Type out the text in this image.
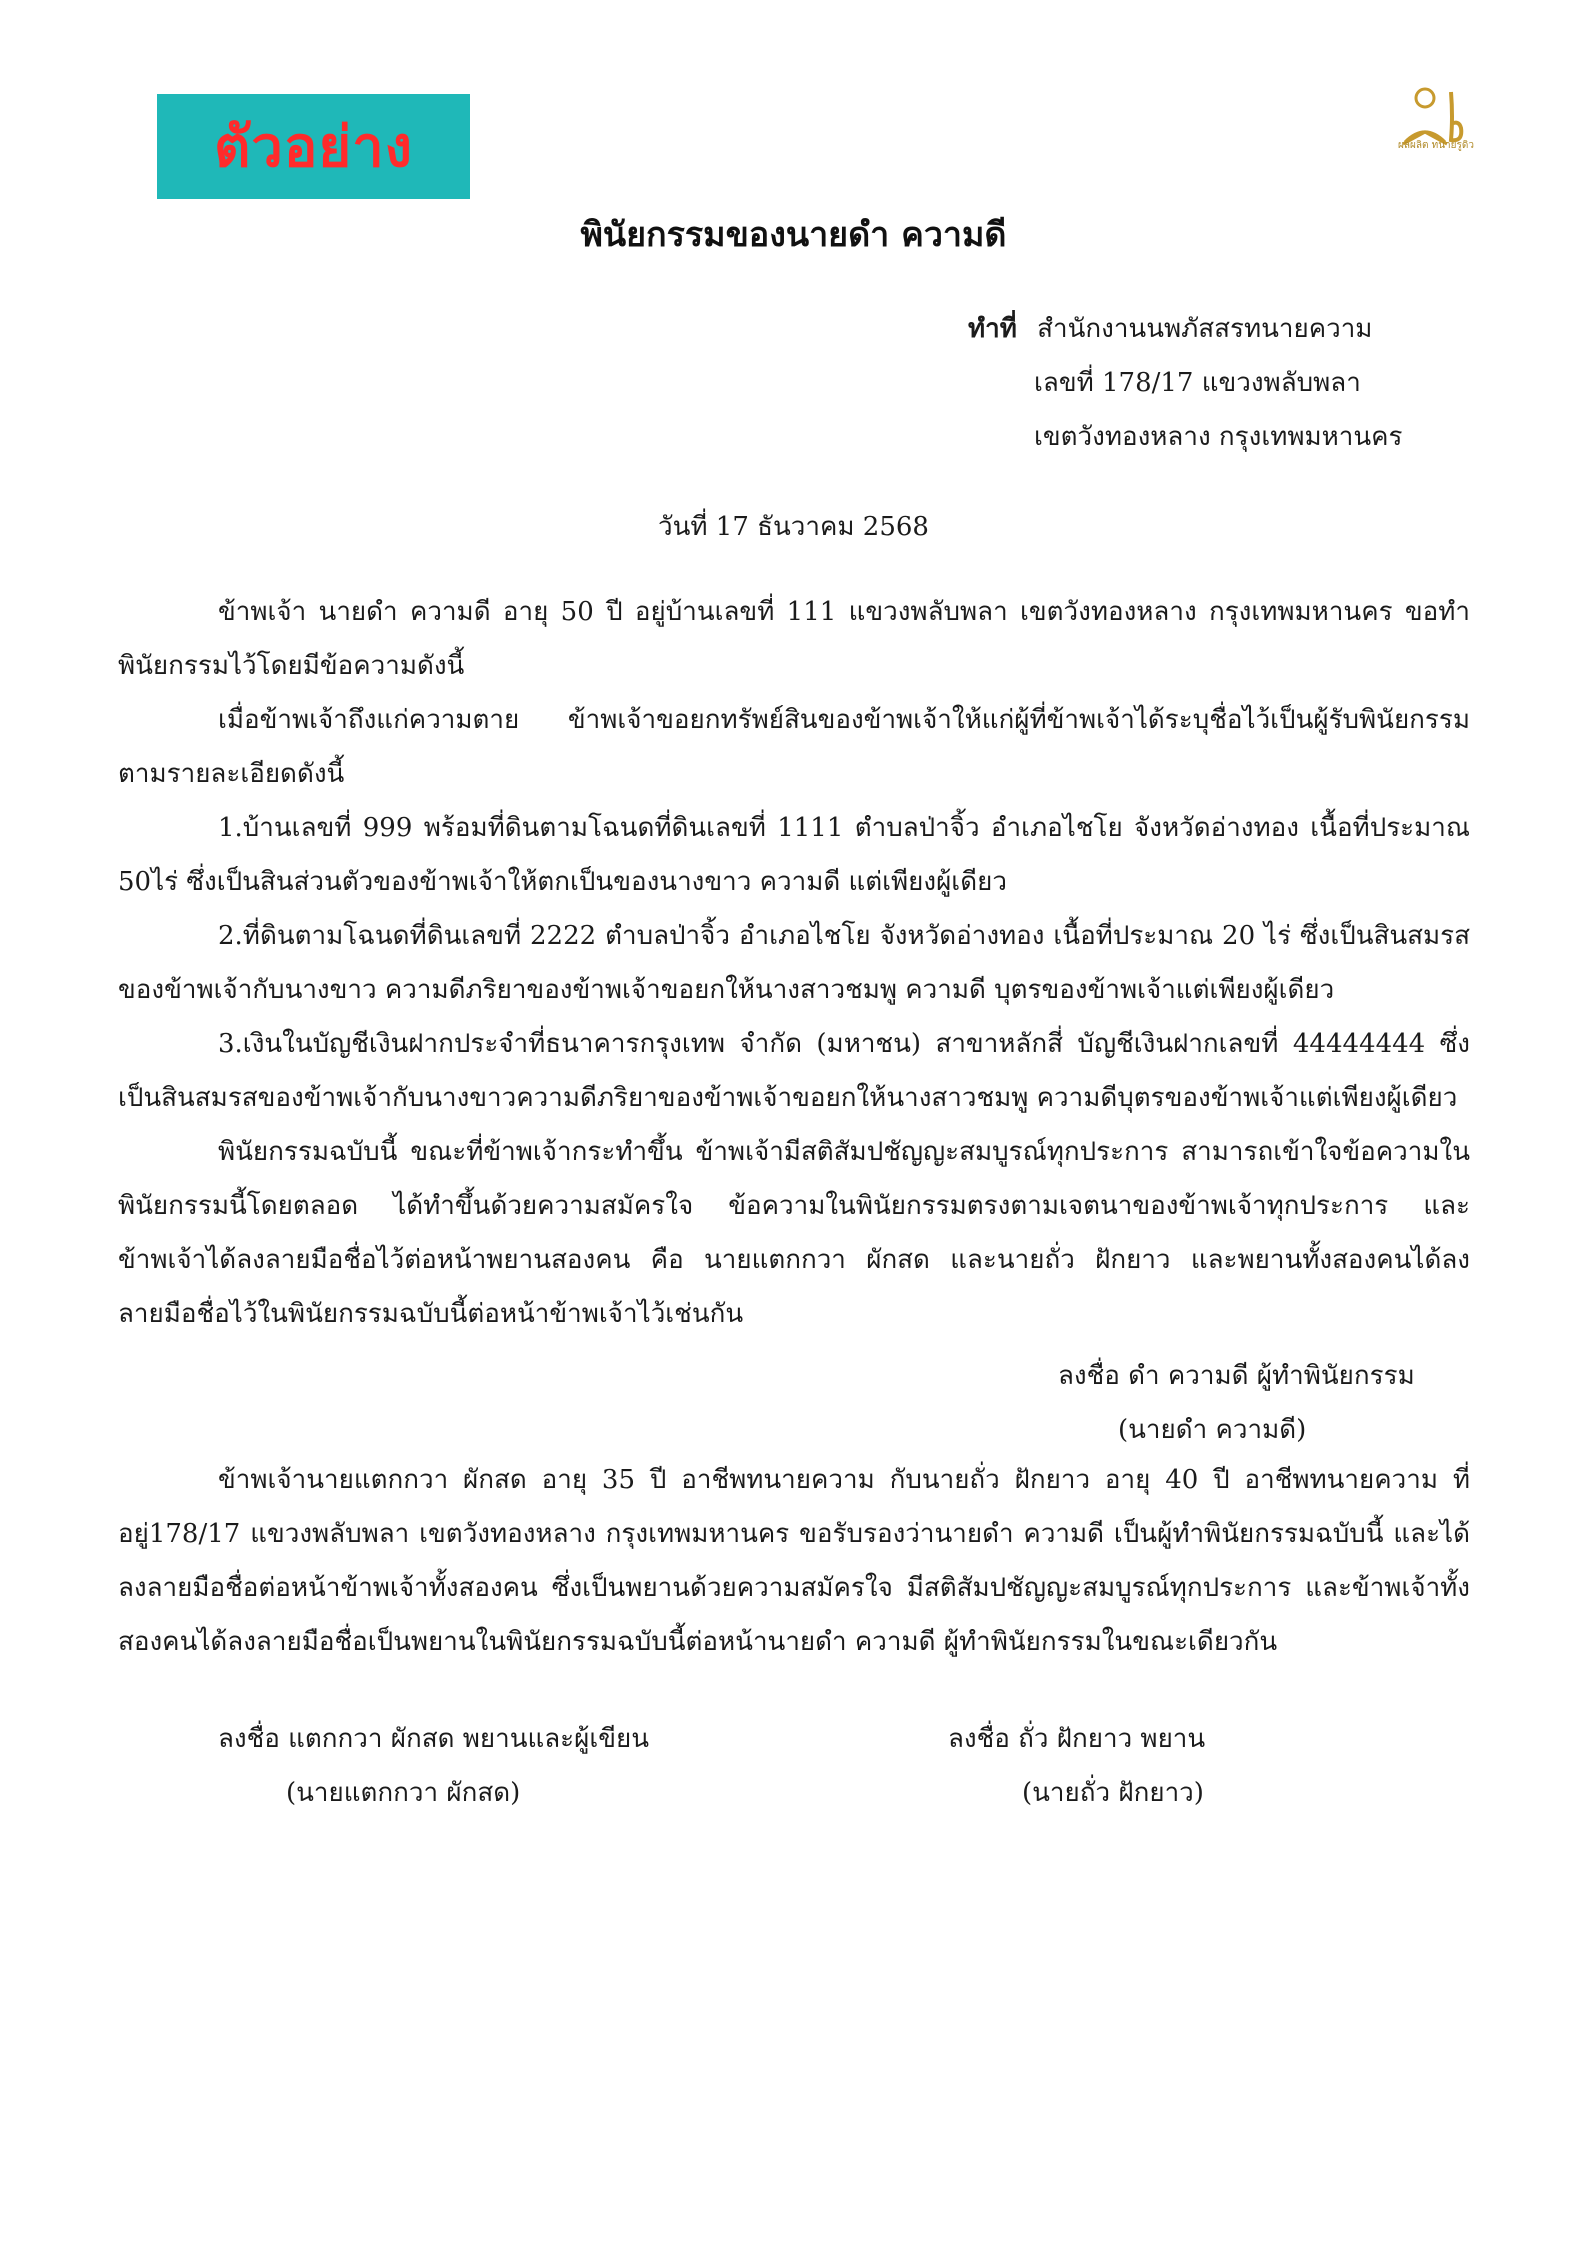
ตัวอย่าง	ผลผลิต ทนายรูดิว
พินัยกรรมของนายดำ ความดี
ทำที่ สำนักงานนพภัสสรทนายความ
เลขที่ 178/17 แขวงพลับพลา
เขตวังทองหลาง กรุงเทพมหานคร
วันที่ 17 ธันวาคม 2568
ข้าพเจ้า นายดำ ความดี อายุ 50 ปี อยู่บ้านเลขที่ 111 แขวงพลับพลา เขตวังทองหลาง กรุงเทพมหานคร ขอทำพินัยกรรมไว้โดยมีข้อความดังนี้
เมื่อข้าพเจ้าถึงแก่ความตาย ข้าพเจ้าขอยกทรัพย์สินของข้าพเจ้าให้แก่ผู้ที่ข้าพเจ้าได้ระบุชื่อไว้เป็นผู้รับพินัยกรรม ตามรายละเอียดดังนี้
1.บ้านเลขที่ 999 พร้อมที่ดินตามโฉนดที่ดินเลขที่ 1111 ตำบลป่าจิ้ว อำเภอไชโย จังหวัดอ่างทอง เนื้อที่ประมาณ 50ไร่ ซึ่งเป็นสินส่วนตัวของข้าพเจ้าให้ตกเป็นของนางขาว ความดี แต่เพียงผู้เดียว
2.ที่ดินตามโฉนดที่ดินเลขที่ 2222 ตำบลป่าจิ้ว อำเภอไชโย จังหวัดอ่างทอง เนื้อที่ประมาณ 20 ไร่ ซึ่งเป็นสินสมรสของข้าพเจ้ากับนางขาว ความดีภริยาของข้าพเจ้าขอยกให้นางสาวชมพู ความดี บุตรของข้าพเจ้าแต่เพียงผู้เดียว
3.เงินในบัญชีเงินฝากประจำที่ธนาคารกรุงเทพ จำกัด (มหาชน) สาขาหลักสี่ บัญชีเงินฝากเลขที่ 44444444 ซึ่งเป็นสินสมรสของข้าพเจ้ากับนางขาวความดีภริยาของข้าพเจ้าขอยกให้นางสาวชมพู ความดีบุตรของข้าพเจ้าแต่เพียงผู้เดียว
พินัยกรรมฉบับนี้ ขณะที่ข้าพเจ้ากระทำขึ้น ข้าพเจ้ามีสติสัมปชัญญะสมบูรณ์ทุกประการ สามารถเข้าใจข้อความในพินัยกรรมนี้โดยตลอด ได้ทำขึ้นด้วยความสมัครใจ ข้อความในพินัยกรรมตรงตามเจตนาของข้าพเจ้าทุกประการ และข้าพเจ้าได้ลงลายมือชื่อไว้ต่อหน้าพยานสองคน คือ นายแตกกวา ผักสด และนายถั่ว ฝักยาว และพยานทั้งสองคนได้ลงลายมือชื่อไว้ในพินัยกรรมฉบับนี้ต่อหน้าข้าพเจ้าไว้เช่นกัน
ลงชื่อ ดำ ความดี ผู้ทำพินัยกรรม
(นายดำ ความดี)
ข้าพเจ้านายแตกกวา ผักสด อายุ 35 ปี อาชีพทนายความ กับนายถั่ว ฝักยาว อายุ 40 ปี อาชีพทนายความ ที่อยู่178/17 แขวงพลับพลา เขตวังทองหลาง กรุงเทพมหานคร ขอรับรองว่านายดำ ความดี เป็นผู้ทำพินัยกรรมฉบับนี้ และได้ลงลายมือชื่อต่อหน้าข้าพเจ้าทั้งสองคน ซึ่งเป็นพยานด้วยความสมัครใจ มีสติสัมปชัญญะสมบูรณ์ทุกประการ และข้าพเจ้าทั้งสองคนได้ลงลายมือชื่อเป็นพยานในพินัยกรรมฉบับนี้ต่อหน้านายดำ ความดี ผู้ทำพินัยกรรมในขณะเดียวกัน
ลงชื่อ แตกกวา ผักสด พยานและผู้เขียน
(นายแตกกวา ผักสด)
ลงชื่อ ถั่ว ฝักยาว พยาน
(นายถั่ว ฝักยาว)
